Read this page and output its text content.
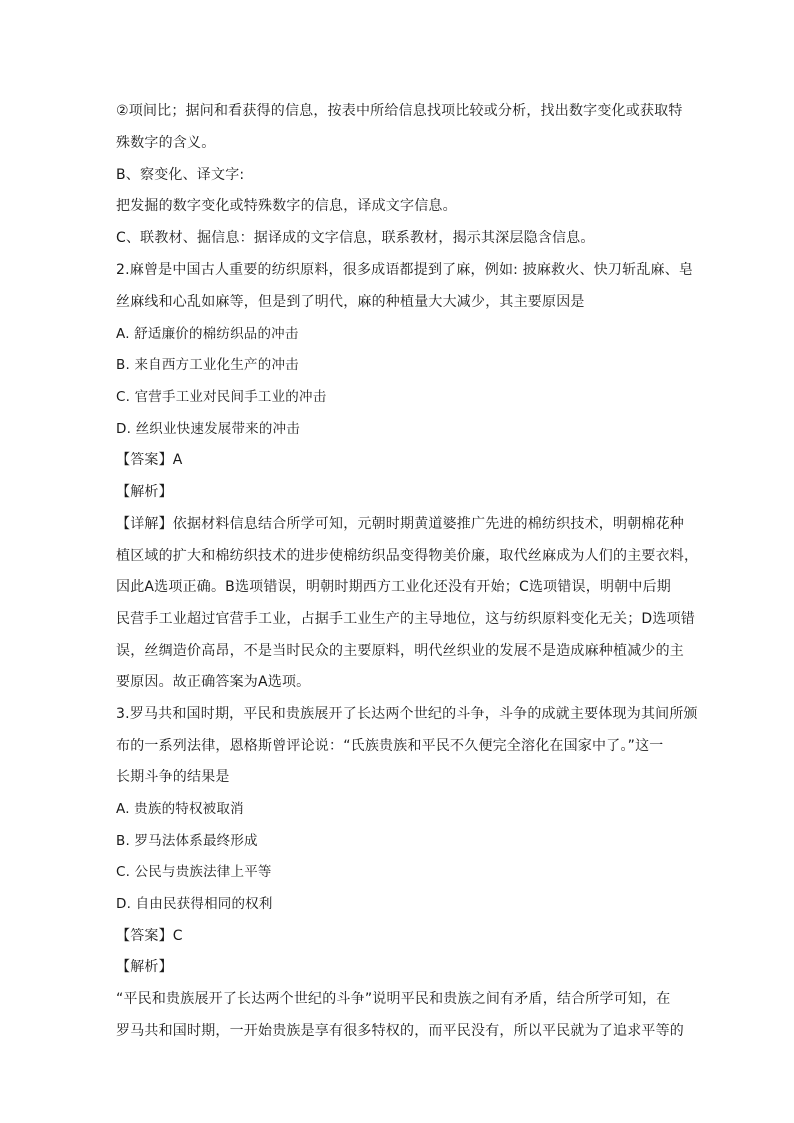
②项间比；据问和看获得的信息，按表中所给信息找项比较或分析，找出数字变化或获取特
殊数字的含义。
B、察变化、译文字:
把发掘的数字变化或特殊数字的信息，译成文字信息。
C、联教材、掘信息：据译成的文字信息，联系教材，揭示其深层隐含信息。
2.麻曾是中国古人重要的纺织原料，很多成语都提到了麻，例如: 披麻救火、快刀斩乱麻、皂
丝麻线和心乱如麻等，但是到了明代，麻的种植量大大减少，其主要原因是
A. 舒适廉价的棉纺织品的冲击
B. 来自西方工业化生产的冲击
C. 官营手工业对民间手工业的冲击
D. 丝织业快速发展带来的冲击
【答案】A
【解析】
【详解】依据材料信息结合所学可知，元朝时期黄道婆推广先进的棉纺织技术，明朝棉花种
植区域的扩大和棉纺织技术的进步使棉纺织品变得物美价廉，取代丝麻成为人们的主要衣料，
因此A选项正确。B选项错误，明朝时期西方工业化还没有开始；C选项错误，明朝中后期
民营手工业超过官营手工业，占据手工业生产的主导地位，这与纺织原料变化无关；D选项错
误，丝绸造价高昂，不是当时民众的主要原料，明代丝织业的发展不是造成麻种植减少的主
要原因。故正确答案为A选项。
3.罗马共和国时期，平民和贵族展开了长达两个世纪的斗争，斗争的成就主要体现为其间所颁
布的一系列法律，恩格斯曾评论说：“氏族贵族和平民不久便完全溶化在国家中了。”这一
长期斗争的结果是
A. 贵族的特权被取消
B. 罗马法体系最终形成
C. 公民与贵族法律上平等
D. 自由民获得相同的权利
【答案】C
【解析】
“平民和贵族展开了长达两个世纪的斗争”说明平民和贵族之间有矛盾，结合所学可知，在
罗马共和国时期，一开始贵族是享有很多特权的，而平民没有，所以平民就为了追求平等的
